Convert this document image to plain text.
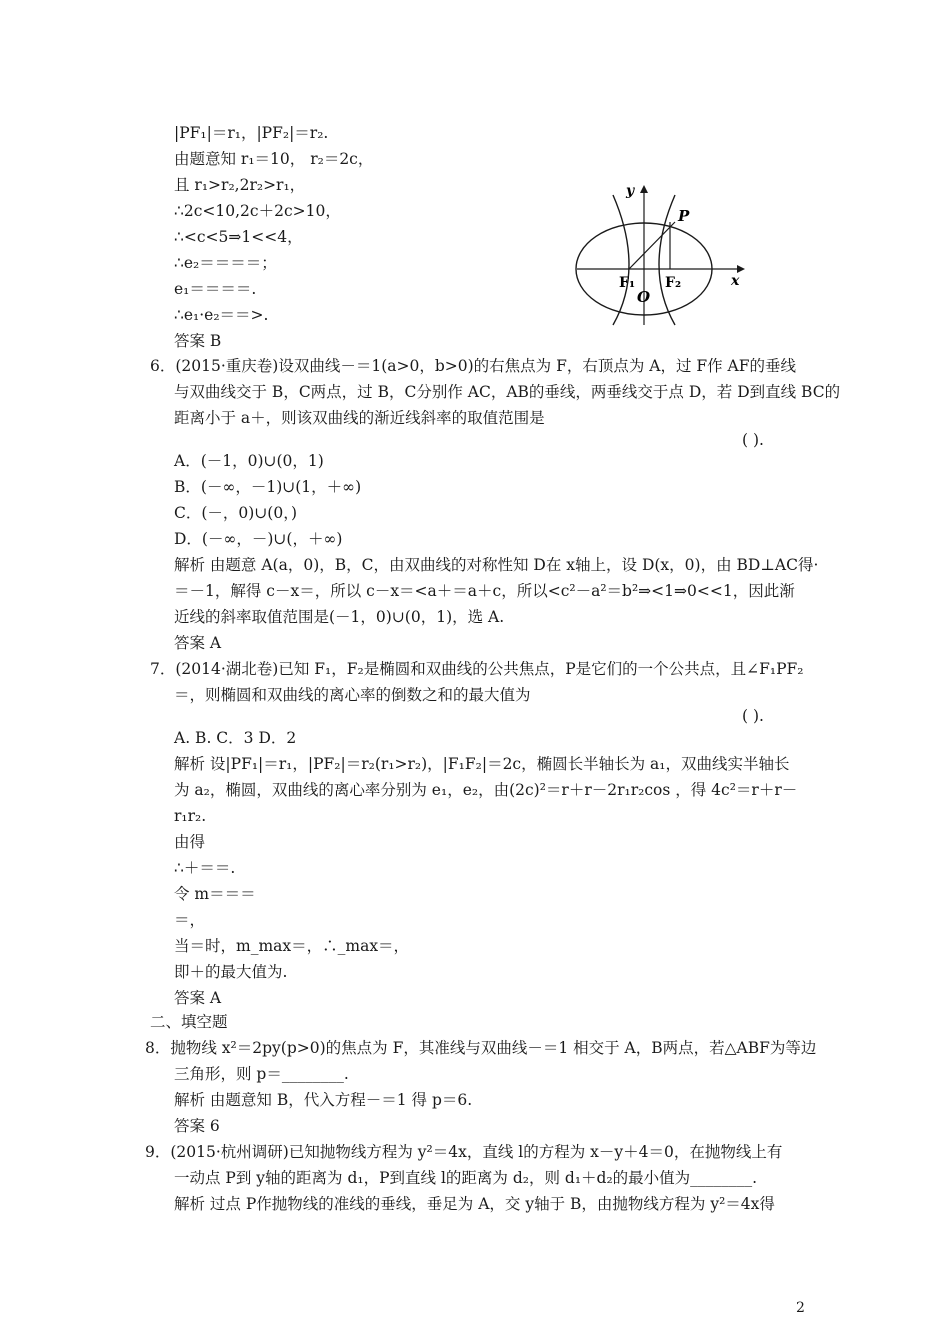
|PF₁|＝r₁，|PF₂|＝r₂.
由题意知 r₁＝10， r₂＝2c，
且 r₁>r₂,2r₂>r₁，
∴2c<10,2c＋2c>10，
∴<c<5⇒1<<4，
∴e₂＝＝＝＝；
e₁＝＝＝＝.
∴e₁·e₂＝＝>.
答案 B
6．(2015·重庆卷)设双曲线－＝1(a>0，b>0)的右焦点为 F，右顶点为 A，过 F作 AF的垂线
与双曲线交于 B，C两点，过 B，C分别作 AC，AB的垂线，两垂线交于点 D，若 D到直线 BC的
距离小于 a＋，则该双曲线的渐近线斜率的取值范围是
A．(－1，0)∪(0，1)
B．(－∞，－1)∪(1，＋∞)
C．(－，0)∪(0，)
D．(－∞，－)∪(，＋∞)
解析 由题意 A(a，0)，B，C，由双曲线的对称性知 D在 x轴上，设 D(x，0)，由 BD⊥AC得·
＝－1，解得 c－x＝，所以 c－x＝<a＋＝a＋c，所以<c²－a²＝b²⇒<1⇒0<<1，因此渐
近线的斜率取值范围是(－1，0)∪(0，1)，选 A.
答案 A
7．(2014·湖北卷)已知 F₁，F₂是椭圆和双曲线的公共焦点，P是它们的一个公共点，且∠F₁PF₂
＝，则椭圆和双曲线的离心率的倒数之和的最大值为
A. B. C．3 D．2
解析 设|PF₁|＝r₁，|PF₂|＝r₂(r₁>r₂)，|F₁F₂|＝2c，椭圆长半轴长为 a₁，双曲线实半轴长
为 a₂，椭圆，双曲线的离心率分别为 e₁，e₂，由(2c)²＝r＋r－2r₁r₂cos ，得 4c²＝r＋r－
r₁r₂.
由得
∴＋＝＝.
令 m＝＝＝
＝，
当＝时，m_max＝，∴_max＝，
即＋的最大值为.
答案 A
二、填空题
8．抛物线 x²＝2py(p>0)的焦点为 F，其准线与双曲线－＝1 相交于 A，B两点，若△ABF为等边
三角形，则 p＝________.
解析 由题意知 B，代入方程－＝1 得 p＝6.
答案 6
9．(2015·杭州调研)已知抛物线方程为 y²＝4x，直线 l的方程为 x－y＋4＝0，在抛物线上有
一动点 P到 y轴的距离为 d₁，P到直线 l的距离为 d₂，则 d₁＋d₂的最小值为________.
解析 过点 P作抛物线的准线的垂线，垂足为 A，交 y轴于 B，由抛物线方程为 y²＝4x得
( ).
( ).
y
x
P
F₁ F₂
O
2
